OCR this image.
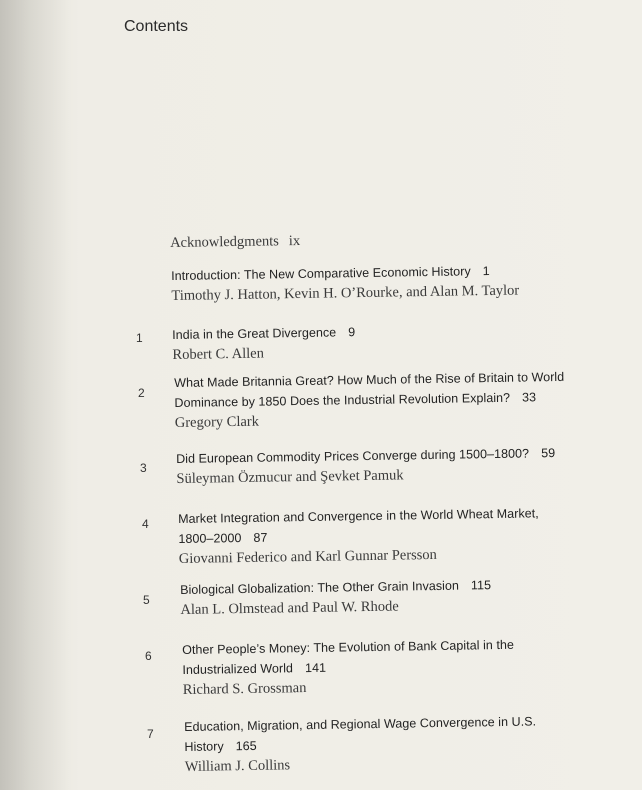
Contents
Acknowledgments ix
Introduction: The New Comparative Economic History 1
Timothy J. Hatton, Kevin H. O’Rourke, and Alan M. Taylor
1 India in the Great Divergence 9
Robert C. Allen
2
What Made Britannia Great? How Much of the Rise of Britain to World
Dominance by 1850 Does the Industrial Revolution Explain? 33
Gregory Clark
3
Did European Commodity Prices Converge during 1500–1800? 59
Süleyman Özmucur and Şevket Pamuk
4 Market Integration and Convergence in the World Wheat Market,
1800–2000 87
Giovanni Federico and Karl Gunnar Persson
5
Biological Globalization: The Other Grain Invasion 115
Alan L. Olmstead and Paul W. Rhode
6 Other People’s Money: The Evolution of Bank Capital in the
Industrialized World 141
Richard S. Grossman
7
Education, Migration, and Regional Wage Convergence in U.S.
History 165
William J. Collins
